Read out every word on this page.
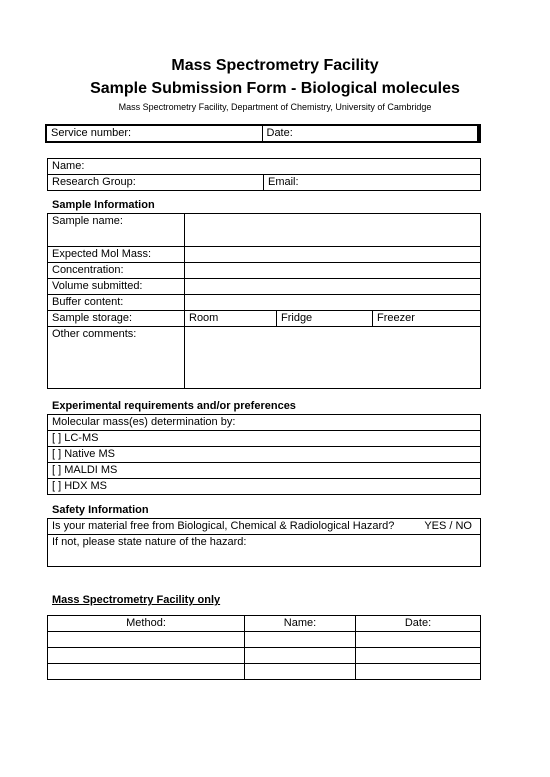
Mass Spectrometry Facility
Sample Submission Form - Biological molecules
Mass Spectrometry Facility, Department of Chemistry, University of Cambridge
Service number:	Date:
Name:
Research Group:	Email:
Sample Information
Sample name:			
Expected Mol Mass:			
Concentration:			
Volume submitted:			
Buffer content:			
Sample storage:	Room	Fridge	Freezer
Other comments:			
Experimental requirements and/or preferences
Molecular mass(es) determination by:
[ ] LC-MS
[ ] Native MS
[ ] MALDI MS
[ ] HDX MS
Safety Information
Is your material free from Biological, Chemical & Radiological Hazard?	YES / NO

If not, please state nature of the hazard:
Mass Spectrometry Facility only
Method:	Name:	Date:
